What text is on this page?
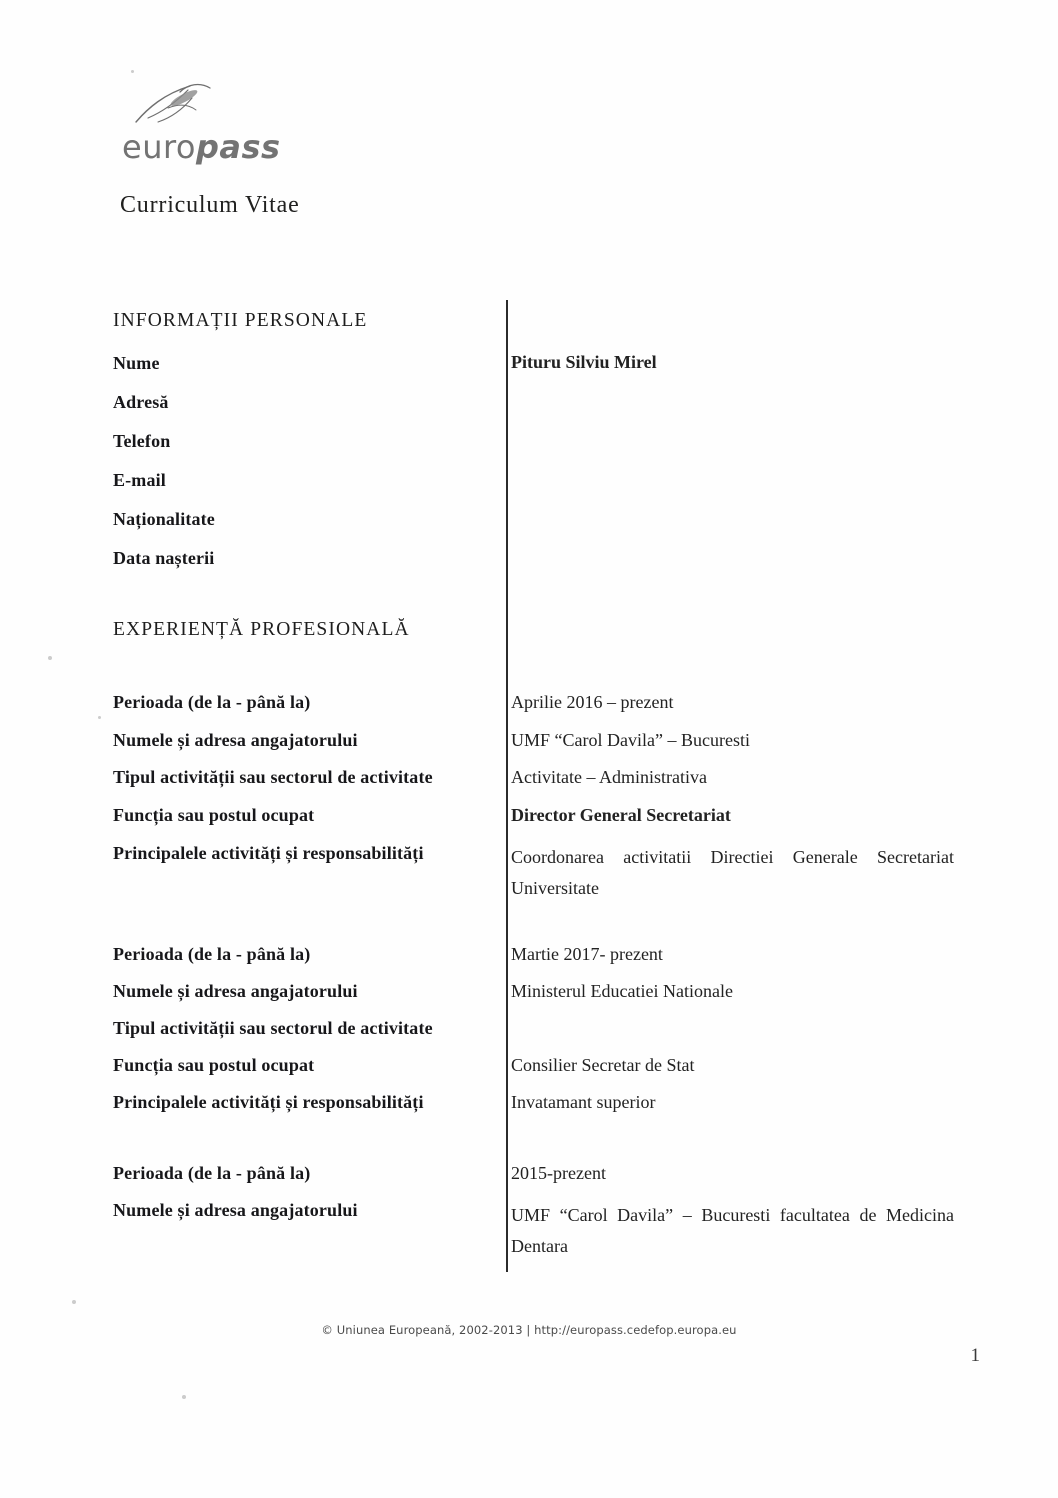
europass
Curriculum Vitae
INFORMAȚII PERSONALE
Nume	Pituru Silviu Mirel
Adresă
Telefon
E-mail
Naționalitate
Data nașterii
EXPERIENȚĂ PROFESIONALĂ
Perioada (de la - până la)	Aprilie 2016 – prezent
Numele și adresa angajatorului	UMF “Carol Davila” – Bucuresti
Tipul activității sau sectorul de activitate	Activitate – Administrativa
Funcția sau postul ocupat	Director General Secretariat
Principalele activități și responsabilități	Coordonarea activitatii Directiei Generale Secretariat Universitate
Perioada (de la - până la)	Martie 2017- prezent
Numele și adresa angajatorului	Ministerul Educatiei Nationale
Tipul activității sau sectorul de activitate
Funcția sau postul ocupat	Consilier Secretar de Stat
Principalele activități și responsabilități	Invatamant superior
Perioada (de la - până la)	2015-prezent
Numele și adresa angajatorului	UMF “Carol Davila” – Bucuresti facultatea de Medicina Dentara
© Uniunea Europeană, 2002-2013 | http://europass.cedefop.europa.eu
1
